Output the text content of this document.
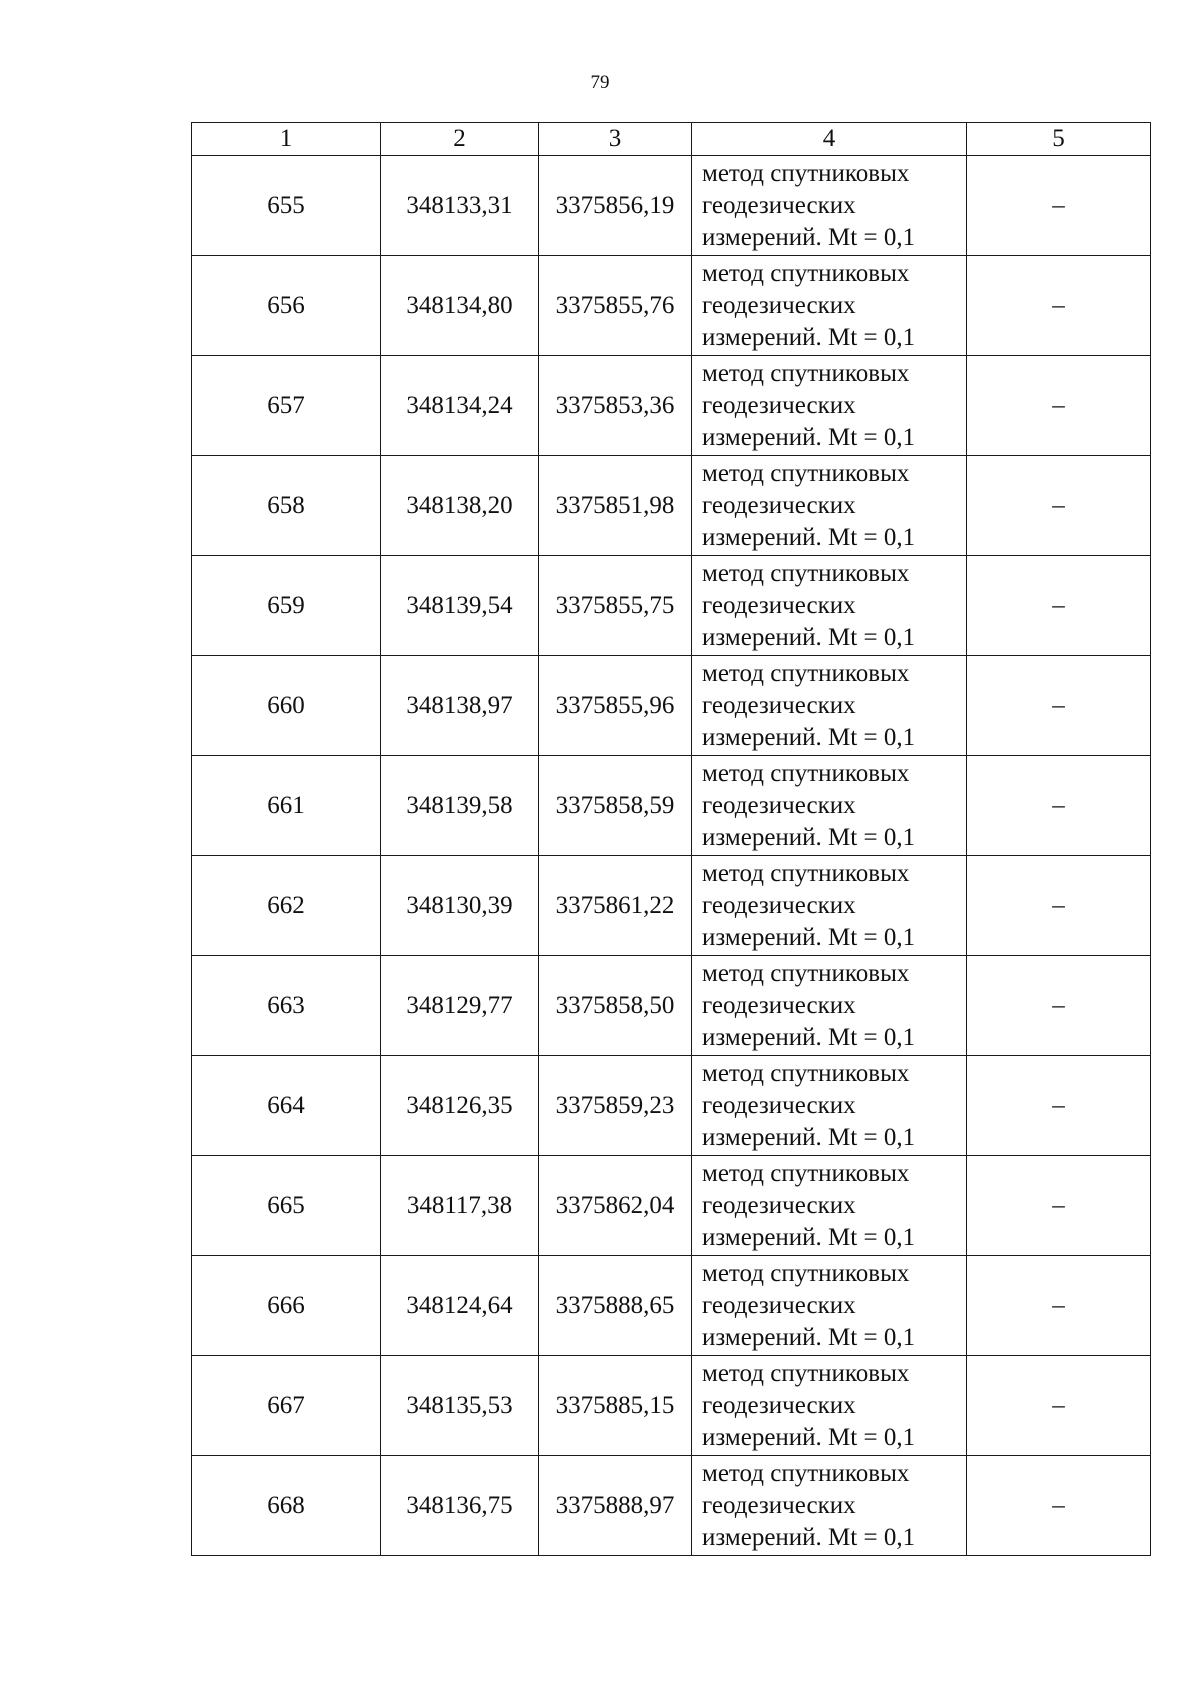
79
1	2	3	4	5
655	348133,31	3375856,19	метод спутниковых
геодезических
измерений. Mt = 0,1	–
656	348134,80	3375855,76	метод спутниковых
геодезических
измерений. Mt = 0,1	–
657	348134,24	3375853,36	метод спутниковых
геодезических
измерений. Mt = 0,1	–
658	348138,20	3375851,98	метод спутниковых
геодезических
измерений. Mt = 0,1	–
659	348139,54	3375855,75	метод спутниковых
геодезических
измерений. Mt = 0,1	–
660	348138,97	3375855,96	метод спутниковых
геодезических
измерений. Mt = 0,1	–
661	348139,58	3375858,59	метод спутниковых
геодезических
измерений. Mt = 0,1	–
662	348130,39	3375861,22	метод спутниковых
геодезических
измерений. Mt = 0,1	–
663	348129,77	3375858,50	метод спутниковых
геодезических
измерений. Mt = 0,1	–
664	348126,35	3375859,23	метод спутниковых
геодезических
измерений. Mt = 0,1	–
665	348117,38	3375862,04	метод спутниковых
геодезических
измерений. Mt = 0,1	–
666	348124,64	3375888,65	метод спутниковых
геодезических
измерений. Mt = 0,1	–
667	348135,53	3375885,15	метод спутниковых
геодезических
измерений. Mt = 0,1	–
668	348136,75	3375888,97	метод спутниковых
геодезических
измерений. Mt = 0,1	–
